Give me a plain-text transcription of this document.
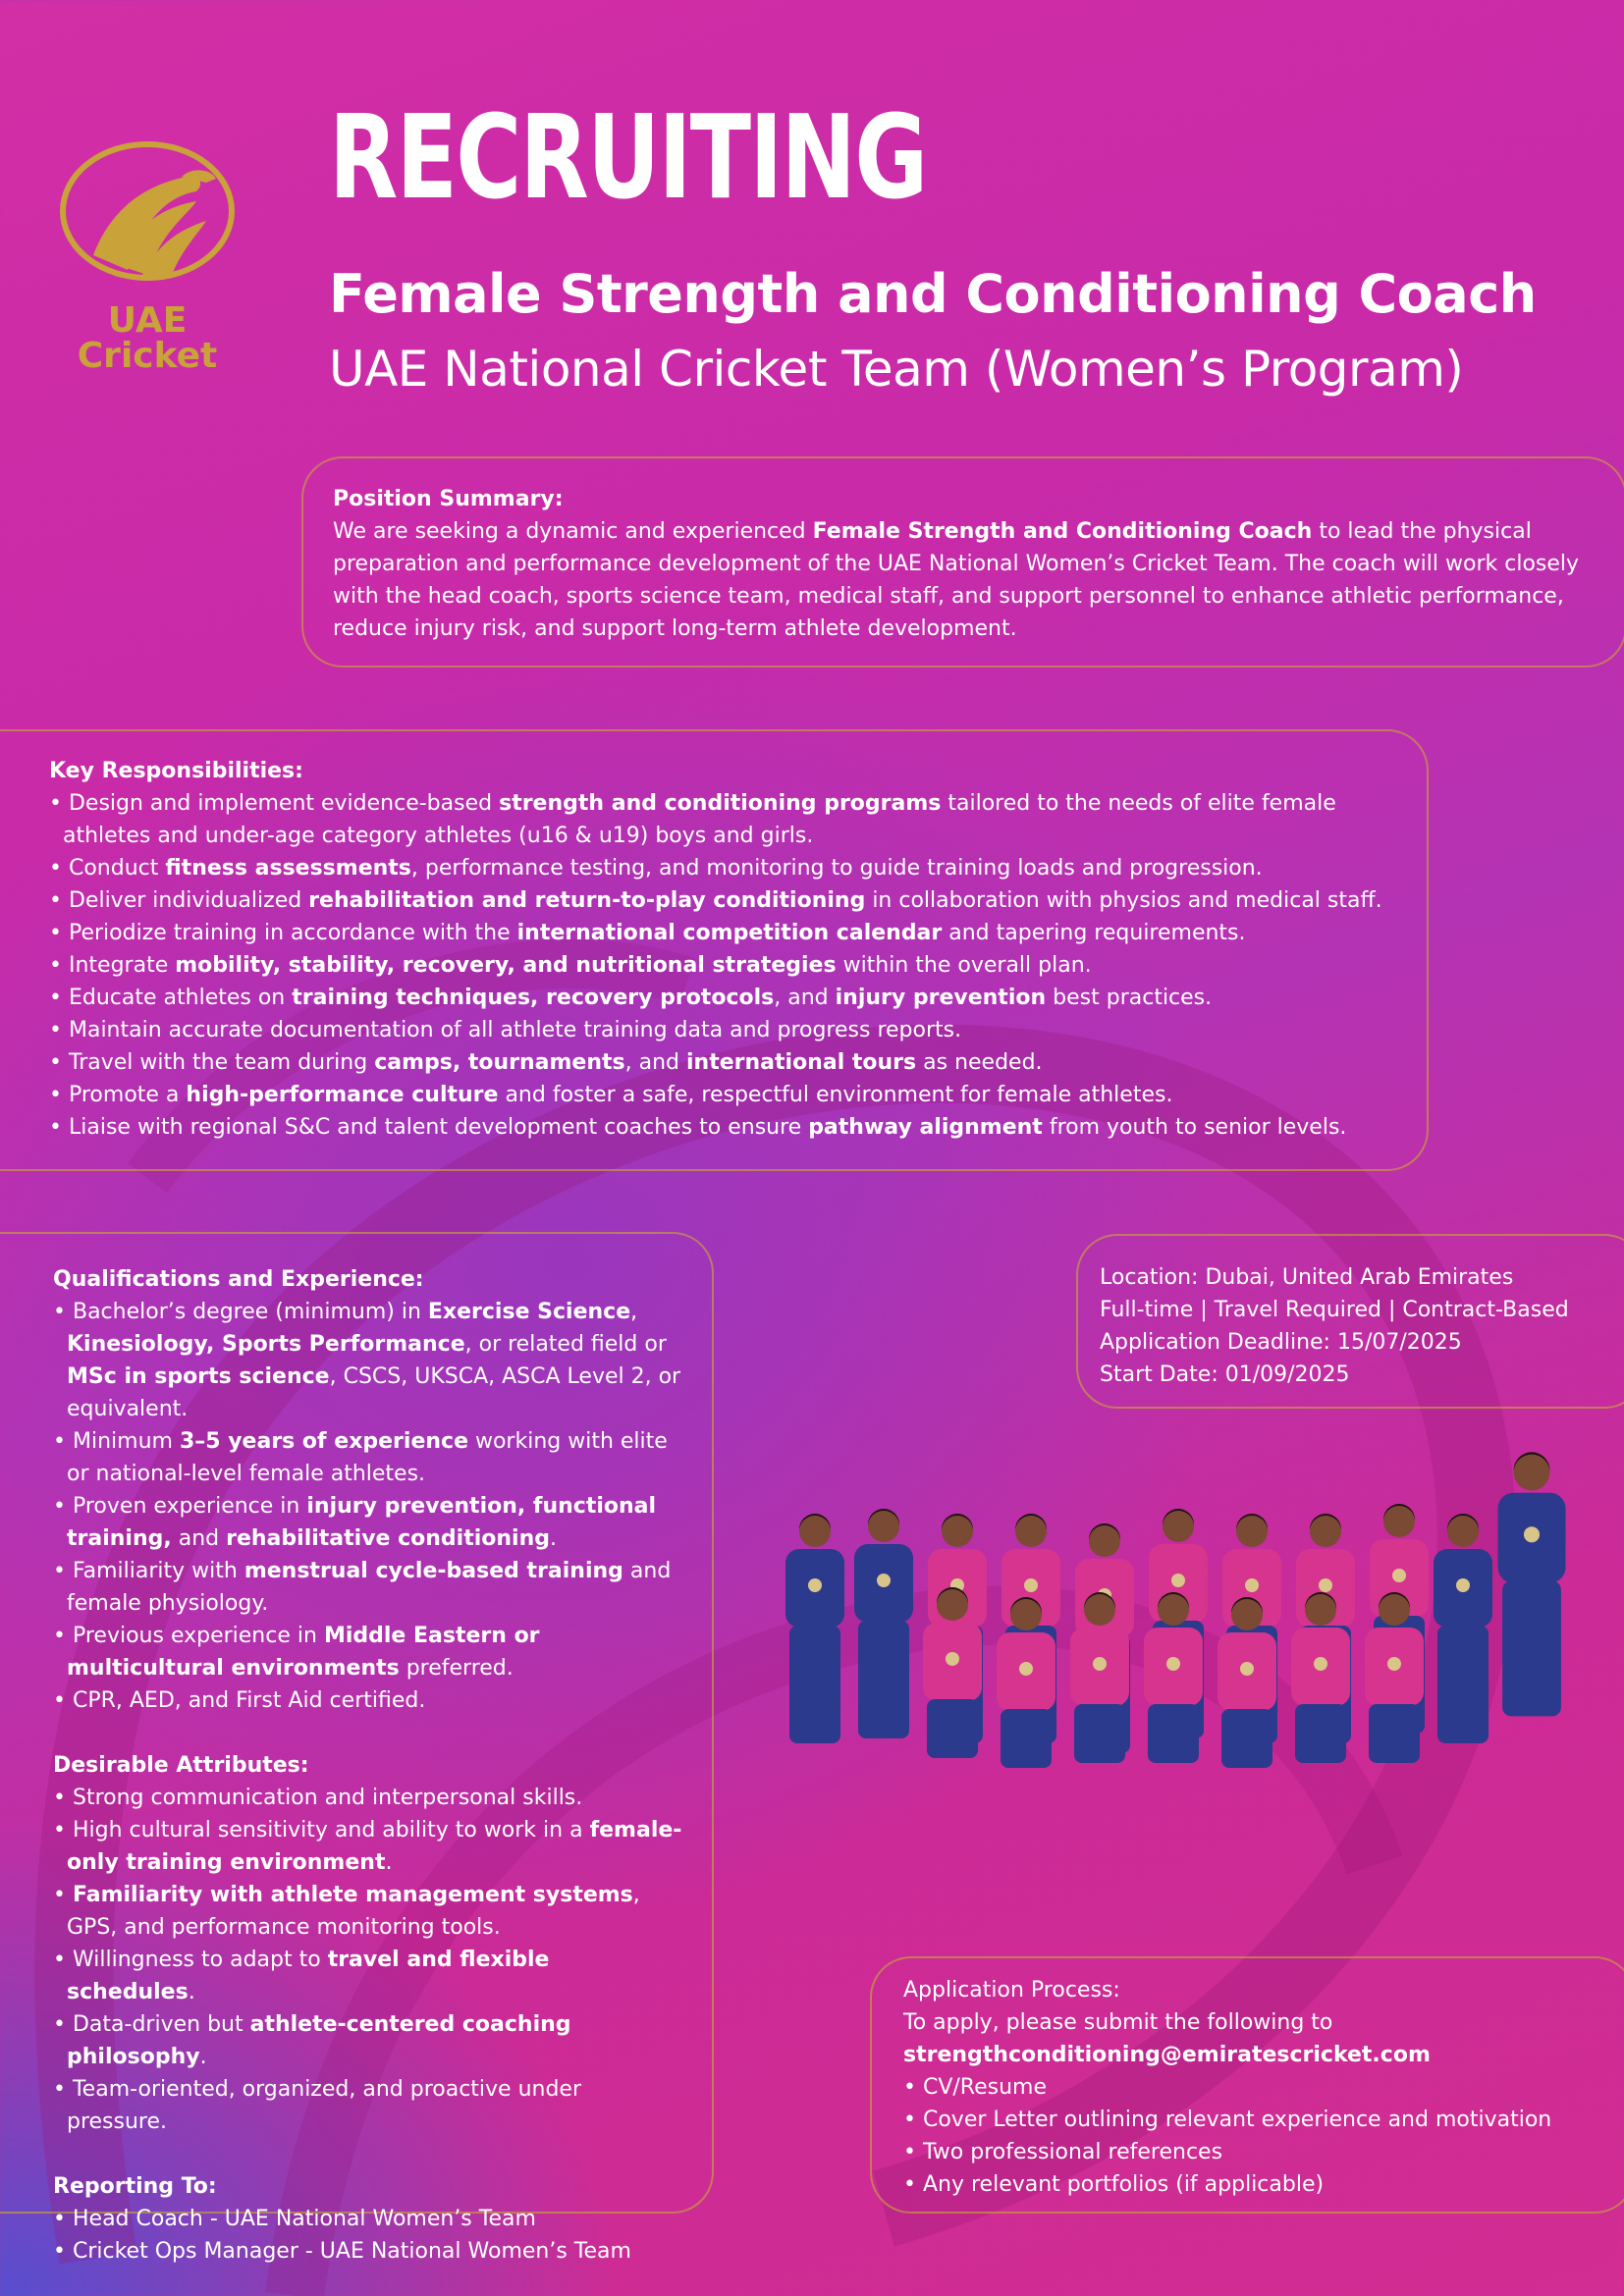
UAE
Cricket
RECRUITING
Female Strength and Conditioning Coach
UAE National Cricket Team (Women’s Program)
Position Summary:

We are seeking a dynamic and experienced Female Strength and Conditioning Coach to lead the physical preparation and performance development of the UAE National Women’s Cricket Team. The coach will work closely with the head coach, sports science team, medical staff, and support personnel to enhance athletic performance, reduce injury risk, and support long-term athlete development.

Key Responsibilities:
• Design and implement evidence-based strength and conditioning programs tailored to the needs of elite female athletes and under-age category athletes (u16 & u19) boys and girls.
• Conduct fitness assessments, performance testing, and monitoring to guide training loads and progression.
• Deliver individualized rehabilitation and return-to-play conditioning in collaboration with physios and medical staff.
• Periodize training in accordance with the international competition calendar and tapering requirements.
• Integrate mobility, stability, recovery, and nutritional strategies within the overall plan.
• Educate athletes on training techniques, recovery protocols, and injury prevention best practices.
• Maintain accurate documentation of all athlete training data and progress reports.
• Travel with the team during camps, tournaments, and international tours as needed.
• Promote a high-performance culture and foster a safe, respectful environment for female athletes.
• Liaise with regional S&C and talent development coaches to ensure pathway alignment from youth to senior levels.
Qualifications and Experience:
• Bachelor’s degree (minimum) in Exercise Science, Kinesiology, Sports Performance, or related field or MSc in sports science, CSCS, UKSCA, ASCA Level 2, or equivalent.
• Minimum 3–5 years of experience working with elite or national-level female athletes.
• Proven experience in injury prevention, functional training, and rehabilitative conditioning.
• Familiarity with menstrual cycle-based training and female physiology.
• Previous experience in Middle Eastern or multicultural environments preferred.
• CPR, AED, and First Aid certified.
Desirable Attributes:
• Strong communication and interpersonal skills.
• High cultural sensitivity and ability to work in a female-only training environment.
• Familiarity with athlete management systems, GPS, and performance monitoring tools.
• Willingness to adapt to travel and flexible schedules.
• Data-driven but athlete-centered coaching philosophy.
• Team-oriented, organized, and proactive under pressure.
Reporting To:
• Head Coach - UAE National Women’s Team
• Cricket Ops Manager - UAE National Women’s Team

Location: Dubai, United Arab Emirates

Full-time | Travel Required | Contract-Based

Application Deadline: 15/07/2025

Start Date: 01/09/2025

Application Process:

To apply, please submit the following to

strengthconditioning@emiratescricket.com

• CV/Resume
• Cover Letter outlining relevant experience and motivation
• Two professional references
• Any relevant portfolios (if applicable)
